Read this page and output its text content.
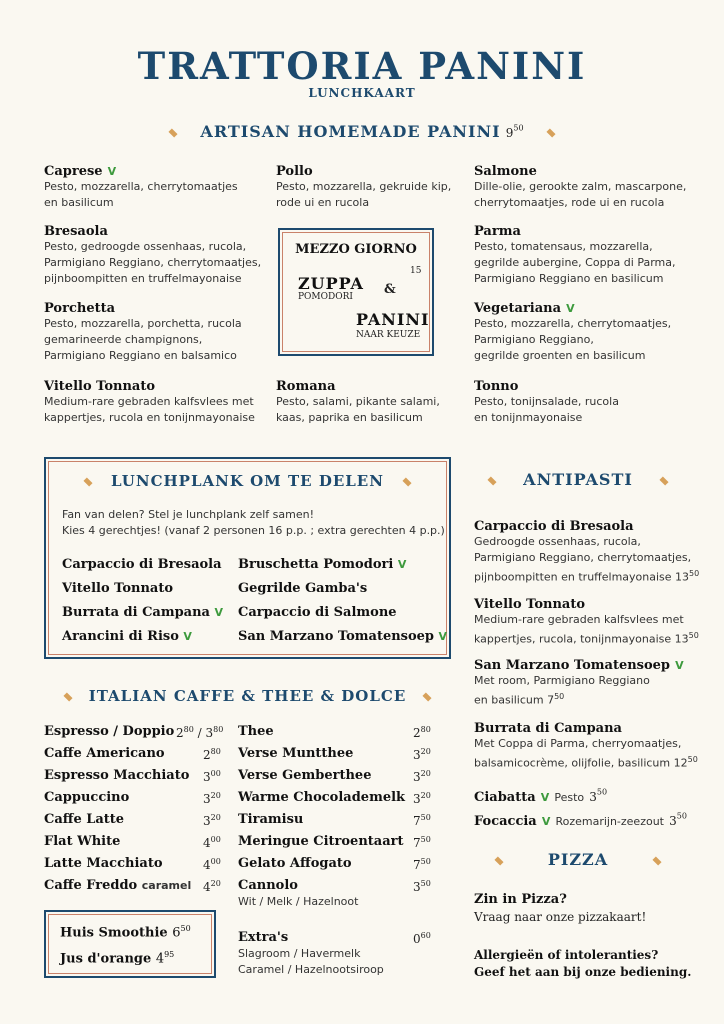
TRATTORIA PANINI
LUNCHKAART
ARTISAN HOMEMADE PANINI $9^{50}$
Caprese V
Pesto, mozzarella, cherrytomaatjes
en basilicum
Bresaola
Pesto, gedroogde ossenhaas, rucola,
Parmigiano Reggiano, cherrytomaatjes,
pijnboompitten en truffelmayonaise
Porchetta
Pesto, mozzarella, porchetta, rucola
gemarineerde champignons,
Parmigiano Reggiano en balsamico
Vitello Tonnato
Medium-rare gebraden kalfsvlees met
kappertjes, rucola en tonijnmayonaise
Pollo
Pesto, mozzarella, gekruide kip,
rode ui en rucola
Romana
Pesto, salami, pikante salami,
kaas, paprika en basilicum
Salmone
Dille-olie, gerookte zalm, mascarpone,
cherrytomaatjes, rode ui en rucola
Parma
Pesto, tomatensaus, mozzarella,
gegrilde aubergine, Coppa di Parma,
Parmigiano Reggiano en basilicum
Vegetariana V
Pesto, mozzarella, cherrytomaatjes,
Parmigiano Reggiano,
gegrilde groenten en basilicum
Tonno
Pesto, tonijnsalade, rucola
en tonijnmayonaise
MEZZO GIORNO
15
ZUPPA
POMODORI &
PANINI
NAAR KEUZE
LUNCHPLANK OM TE DELEN
Fan van delen? Stel je lunchplank zelf samen!
Kies 4 gerechtjes! (vanaf 2 personen 16 p.p. ; extra gerechten 4 p.p.)
Carpaccio di Bresaola
Vitello Tonnato
Burrata di Campana V
Arancini di Riso V
Bruschetta Pomodori V
Gegrilde Gamba's
Carpaccio di Salmone
San Marzano Tomatensoep V
ANTIPASTI
Carpaccio di Bresaola
Gedroogde ossenhaas, rucola,
Parmigiano Reggiano, cherrytomaatjes,
pijnboompitten en truffelmayonaise $13^{50}$
Vitello Tonnato
Medium-rare gebraden kalfsvlees met
kappertjes, rucola, tonijnmayonaise $13^{50}$
San Marzano Tomatensoep V
Met room, Parmigiano Reggiano
en basilicum $7^{50}$
Burrata di Campana
Met Coppa di Parma, cherryomaatjes,
balsamicocrème, olijfolie, basilicum $12^{50}$
Ciabatta V Pesto $3^{50}$
Focaccia V Rozemarijn-zeezout $3^{50}$
PIZZA
Zin in Pizza?
Vraag naar onze pizzakaart!
Allergieën of intoleranties?
Geef het aan bij onze bediening.
ITALIAN CAFFE & THEE & DOLCE
Espresso / Doppio $2^{80} / 3^{80}$
Caffe Americano	$2^{80}$
Espresso Macchiato $3^{00}$
Cappuccino	$3^{20}$
Caffe Latte	$3^{20}$
Flat White	$4^{00}$
Latte Macchiato	$4^{00}$
Caffe Freddo caramel $4^{20}$
Huis Smoothie $6^{50}$
Jus d'orange $4^{95}$
Thee	$2^{80}$
Verse Muntthee	$3^{20}$
Verse Gemberthee	$3^{20}$
Warme Chocolademelk $3^{20}$
Tiramisu	$7^{50}$
Meringue Citroentaart $7^{50}$
Gelato Affogato	$7^{50}$
Cannolo	$3^{50}$
Wit / Melk / Hazelnoot
Extra's	$0^{60}$
Slagroom / Havermelk
Caramel / Hazelnootsiroop
